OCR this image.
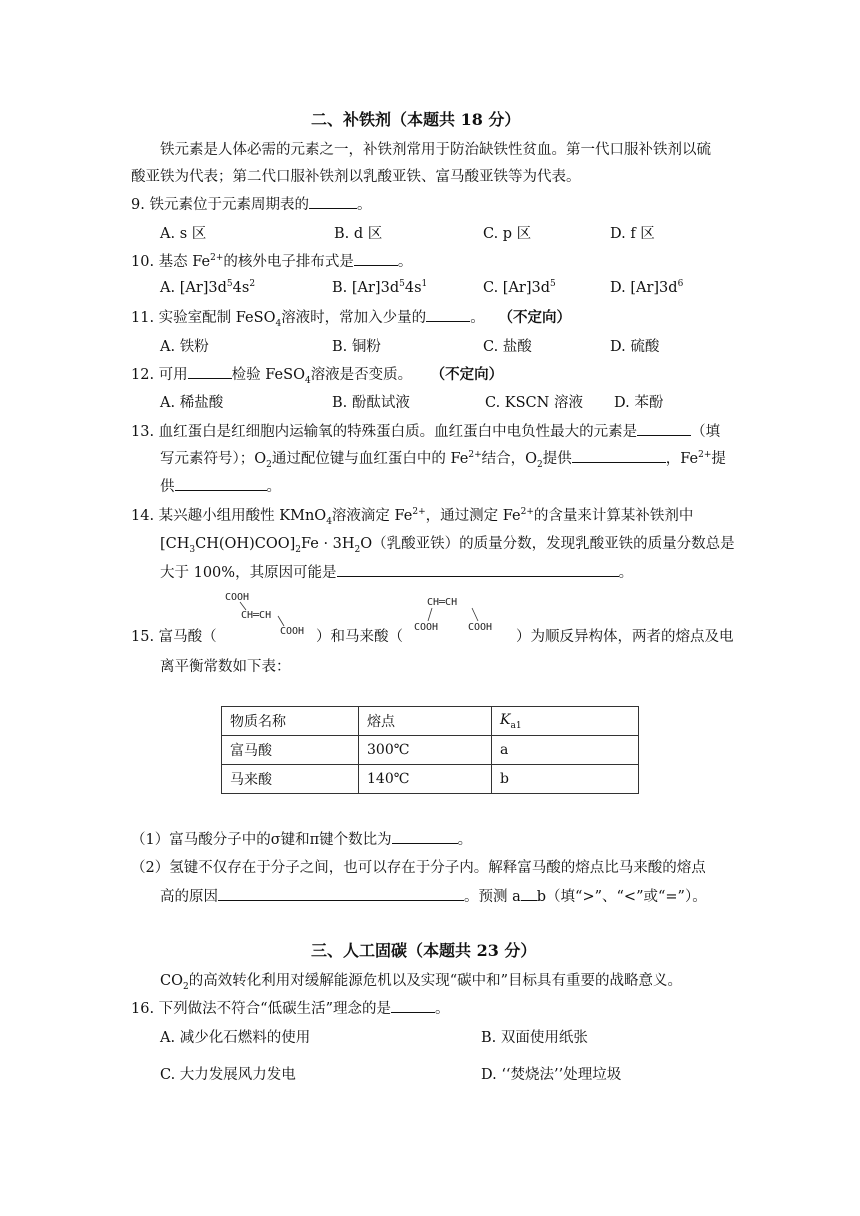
二、补铁剂（本题共 18 分）
铁元素是人体必需的元素之一，补铁剂常用于防治缺铁性贫血。第一代口服补铁剂以硫
酸亚铁为代表；第二代口服补铁剂以乳酸亚铁、富马酸亚铁等为代表。
9. 铁元素位于元素周期表的	。
A. s 区	B. d 区	C. p 区	D. f 区
10. 基态 $Fe^{2+}$的核外电子排布式是	。
A. $[Ar]3d^54s^2$	B. $[Ar]3d^54s^1$	C. $[Ar]3d^5$	D. $[Ar]3d^6$
11. 实验室配制 FeSO$_4$溶液时，常加入少量的	。 （不定向）
A. 铁粉	B. 铜粉	C. 盐酸	D. 硫酸
12. 可用	检验 FeSO$_4$溶液是否变质。 （不定向）
A. 稀盐酸	B. 酚酞试液	C. KSCN 溶液 D. 苯酚
13. 血红蛋白是红细胞内运输氧的特殊蛋白质。血红蛋白中电负性最大的元素是	（填
写元素符号）；$O_2$通过配位键与血红蛋白中的 $Fe^{2+}$结合，$O_2$提供	，$Fe^{2+}$提
供	。
14. 某兴趣小组用酸性 KMnO$_4$溶液滴定 $Fe^{2+}$，通过测定 $Fe^{2+}$的含量来计算某补铁剂中
$[CH_3CH(OH)COO]_2Fe \cdot 3H_2O$（乳酸亚铁）的质量分数，发现乳酸亚铁的质量分数总是
大于 100%，其原因可能是	。
COOH
CH═CH
COOH
CH═CH
COOH	COOH
15. 富马酸（	）和马来酸（	）为顺反异构体，两者的熔点及电
离平衡常数如下表：
物质名称	熔点	$K_{a1}$
富马酸	300℃	a
马来酸	140℃	b
（1）富马酸分子中的σ键和π键个数比为	。
（2）氢键不仅存在于分子之间，也可以存在于分子内。解释富马酸的熔点比马来酸的熔点
高的原因	。预测 a b（填“>”、“<”或“=”）。
三、人工固碳（本题共 23 分）
$CO_2$的高效转化利用对缓解能源危机以及实现“碳中和”目标具有重要的战略意义。
16. 下列做法不符合“低碳生活”理念的是	。
A. 减少化石燃料的使用	B. 双面使用纸张
C. 大力发展风力发电	D. ‘‘焚烧法’’处理垃圾
